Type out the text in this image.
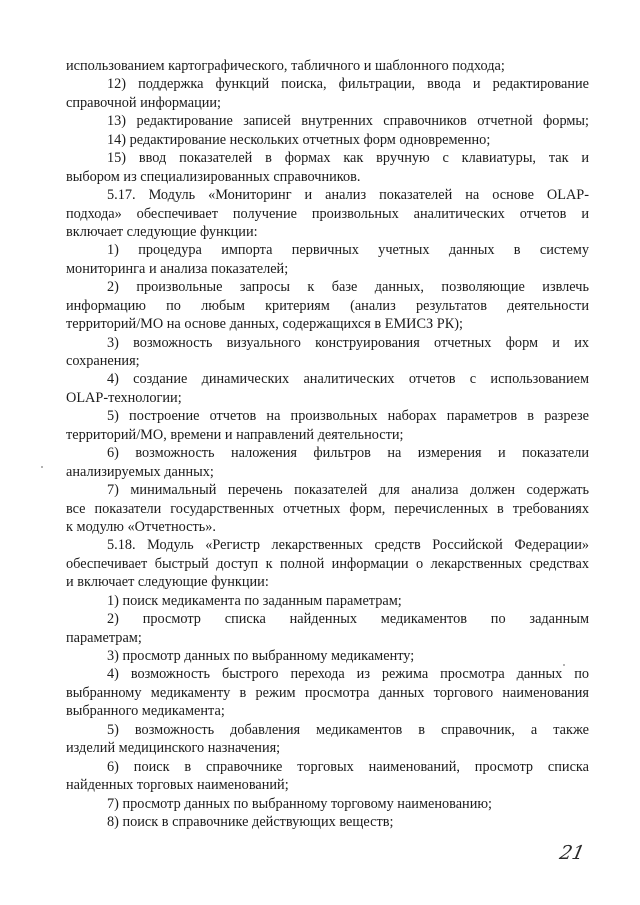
использованием картографического, табличного и шаблонного подхода;
12) поддержка функций поиска, фильтрации, ввода и редактирование
справочной информации;
13) редактирование записей внутренних справочников отчетной формы;
14) редактирование нескольких отчетных форм одновременно;
15) ввод показателей в формах как вручную с клавиатуры, так и
выбором из специализированных справочников.
5.17. Модуль «Мониторинг и анализ показателей на основе OLAP-
подхода» обеспечивает получение произвольных аналитических отчетов и
включает следующие функции:
1) процедура импорта первичных учетных данных в систему
мониторинга и анализа показателей;
2) произвольные запросы к базе данных, позволяющие извлечь
информацию по любым критериям (анализ результатов деятельности
территорий/МО на основе данных, содержащихся в ЕМИСЗ РК);
3) возможность визуального конструирования отчетных форм и их
сохранения;
4) создание динамических аналитических отчетов с использованием
OLAP-технологии;
5) построение отчетов на произвольных наборах параметров в разрезе
территорий/МО, времени и направлений деятельности;
6) возможность наложения фильтров на измерения и показатели
анализируемых данных;
7) минимальный перечень показателей для анализа должен содержать
все показатели государственных отчетных форм, перечисленных в требованиях
к модулю «Отчетность».
5.18. Модуль «Регистр лекарственных средств Российской Федерации»
обеспечивает быстрый доступ к полной информации о лекарственных средствах
и включает следующие функции:
1) поиск медикамента по заданным параметрам;
2) просмотр списка найденных медикаментов по заданным
параметрам;
3) просмотр данных по выбранному медикаменту;
4) возможность быстрого перехода из режима просмотра данных по
выбранному медикаменту в режим просмотра данных торгового наименования
выбранного медикамента;
5) возможность добавления медикаментов в справочник, а также
изделий медицинского назначения;
6) поиск в справочнике торговых наименований, просмотр списка
найденных торговых наименований;
7) просмотр данных по выбранному торговому наименованию;
8) поиск в справочнике действующих веществ;
21
